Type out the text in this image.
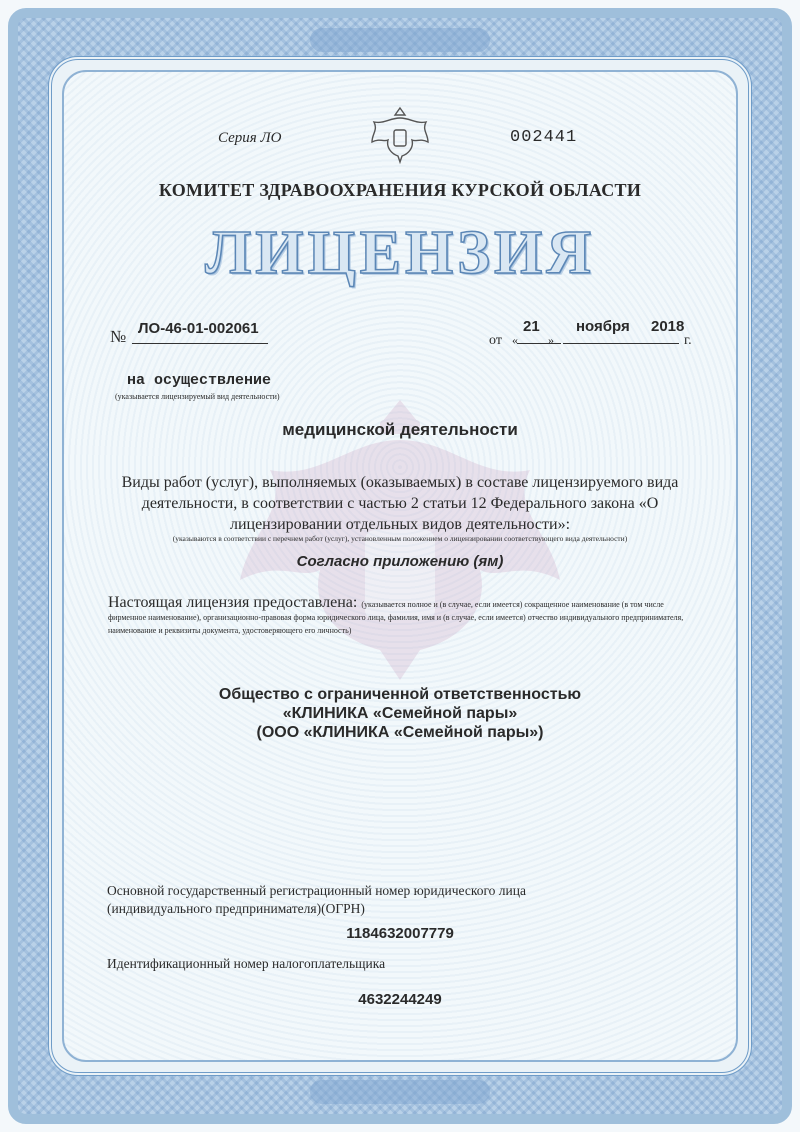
Серия ЛО	002441
КОМИТЕТ ЗДРАВООХРАНЕНИЯ КУРСКОЙ ОБЛАСТИ
ЛИЦЕНЗИЯ
№ ЛО-46-01-002061
от «
21
»
ноября 2018
г.
на осуществление
(указывается лицензируемый вид деятельности)
медицинской деятельности
Виды работ (услуг), выполняемых (оказываемых) в составе лицензируемого вида деятельности, в соответствии с частью 2 статьи 12 Федерального закона «О лицензировании отдельных видов деятельности»:
(указываются в соответствии с перечнем работ (услуг), установленным положением о лицензировании соответствующего вида деятельности)
Согласно приложению (ям)
Настоящая лицензия предоставлена: (указывается полное и (в случае, если имеется) сокращенное наименование (в том числе фирменное наименование), организационно-правовая форма юридического лица, фамилия, имя и (в случае, если имеется) отчество индивидуального предпринимателя, наименование и реквизиты документа, удостоверяющего его личность)
Общество с ограниченной ответственностью
«КЛИНИКА «Семейной пары»
(ООО «КЛИНИКА «Семейной пары»)
Основной государственный регистрационный номер юридического лица (индивидуального предпринимателя)(ОГРН)
1184632007779
Идентификационный номер налогоплательщика
4632244249
